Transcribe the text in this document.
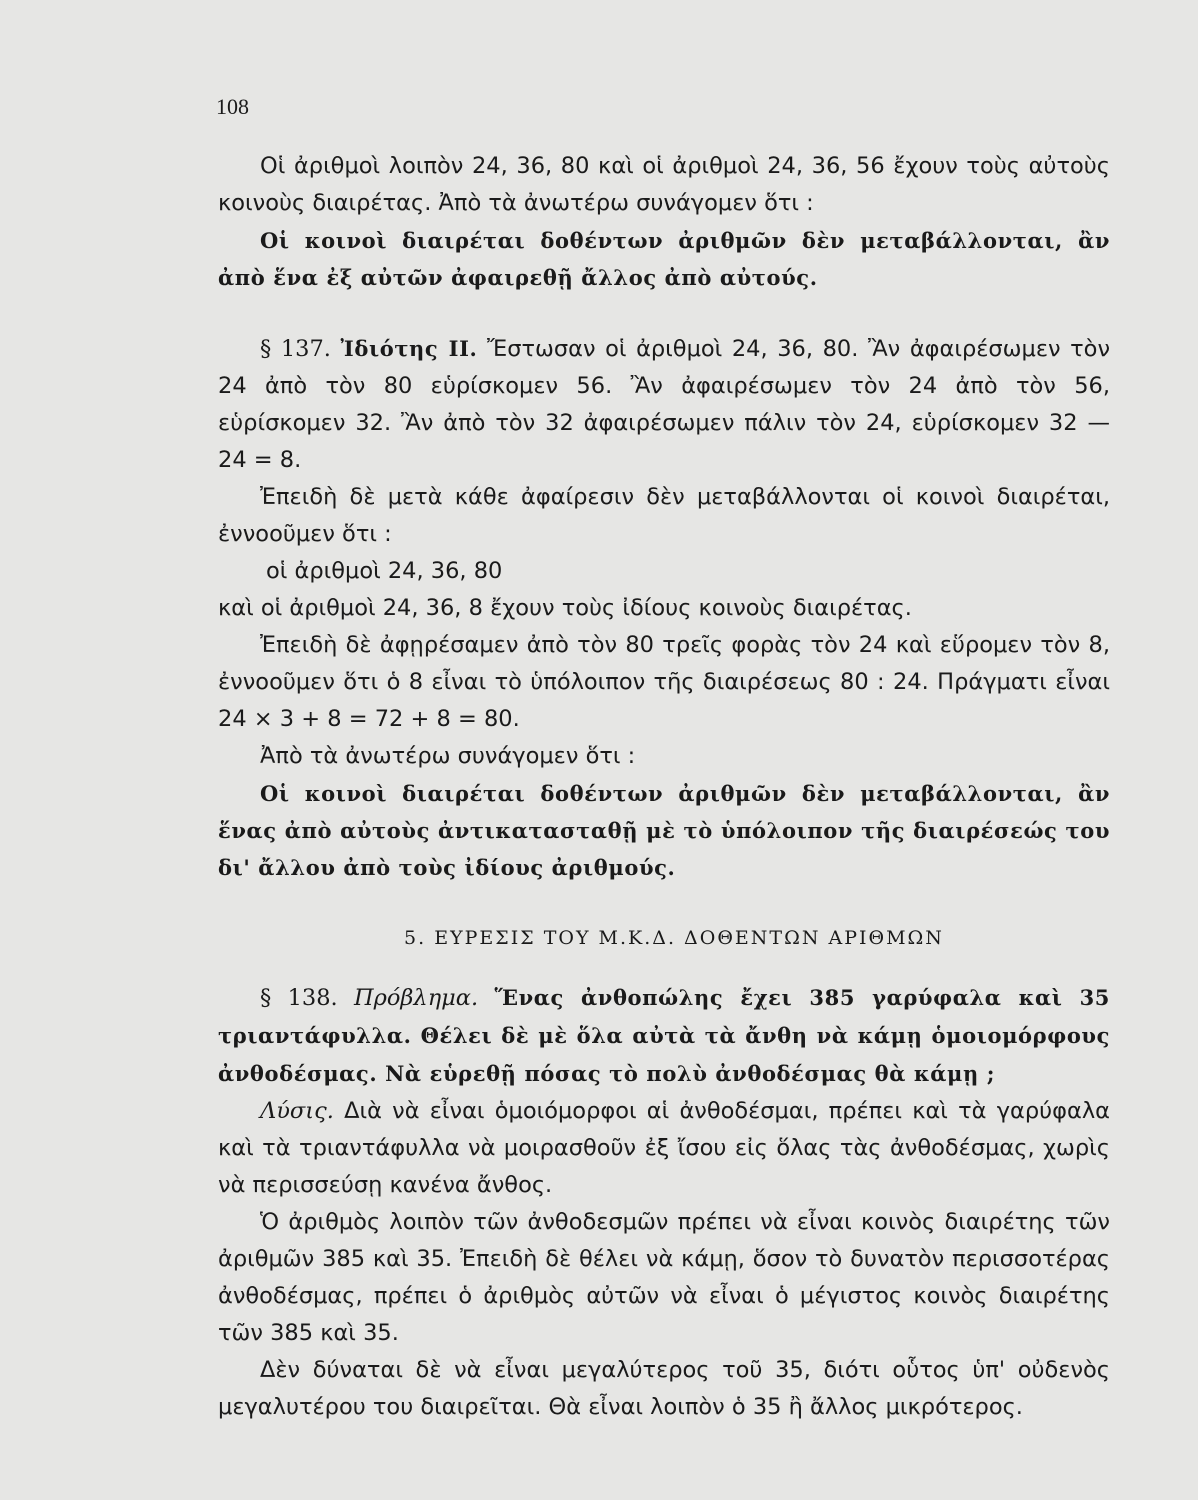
108

Οἱ ἀριθμοὶ λοιπὸν 24, 36, 80 καὶ οἱ ἀριθμοὶ 24, 36, 56 ἔχουν τοὺς αὐτοὺς κοινοὺς διαιρέτας. Ἀπὸ τὰ ἀνωτέρω συνάγομεν ὅτι :

Οἱ κοινοὶ διαιρέται δοθέντων ἀριθμῶν δὲν μεταβάλλονται, ἂν ἀπὸ ἕνα ἐξ αὐτῶν ἀφαιρεθῇ ἄλλος ἀπὸ αὐτούς.

§ 137. Ἰδιότης ΙΙ. Ἔστωσαν οἱ ἀριθμοὶ 24, 36, 80. Ἂν ἀφαιρέσωμεν τὸν 24 ἀπὸ τὸν 80 εὑρίσκομεν 56. Ἂν ἀφαιρέσωμεν τὸν 24 ἀπὸ τὸν 56, εὑρίσκομεν 32. Ἂν ἀπὸ τὸν 32 ἀφαιρέσωμεν πάλιν τὸν 24, εὑρίσκομεν 32 — 24 = 8.

Ἐπειδὴ δὲ μετὰ κάθε ἀφαίρεσιν δὲν μεταβάλλονται οἱ κοινοὶ διαιρέται, ἐννοοῦμεν ὅτι :

οἱ ἀριθμοὶ 24, 36, 80

καὶ οἱ ἀριθμοὶ 24, 36, 8 ἔχουν τοὺς ἰδίους κοινοὺς διαιρέτας.

Ἐπειδὴ δὲ ἀφῃρέσαμεν ἀπὸ τὸν 80 τρεῖς φορὰς τὸν 24 καὶ εὕρομεν τὸν 8, ἐννοοῦμεν ὅτι ὁ 8 εἶναι τὸ ὑπόλοιπον τῆς διαιρέσεως 80 : 24. Πράγματι εἶναι 24 × 3 + 8 = 72 + 8 = 80.

Ἀπὸ τὰ ἀνωτέρω συνάγομεν ὅτι :

Οἱ κοινοὶ διαιρέται δοθέντων ἀριθμῶν δὲν μεταβάλλονται, ἂν ἕνας ἀπὸ αὐτοὺς ἀντικατασταθῇ μὲ τὸ ὑπόλοιπον τῆς διαιρέσεώς του δι' ἄλλου ἀπὸ τοὺς ἰδίους ἀριθμούς.

5. ΕΥΡΕΣΙΣ ΤΟΥ Μ.Κ.Δ. ΔΟΘΕΝΤΩΝ ΑΡΙΘΜΩΝ

§ 138. Πρόβλημα. Ἕνας ἀνθοπώλης ἔχει 385 γαρύφαλα καὶ 35 τριαντάφυλλα. Θέλει δὲ μὲ ὅλα αὐτὰ τὰ ἄνθη νὰ κάμῃ ὁμοιομόρφους ἀνθοδέσμας. Νὰ εὑρεθῇ πόσας τὸ πολὺ ἀνθοδέσμας θὰ κάμῃ ;

Λύσις. Διὰ νὰ εἶναι ὁμοιόμορφοι αἱ ἀνθοδέσμαι, πρέπει καὶ τὰ γαρύφαλα καὶ τὰ τριαντάφυλλα νὰ μοιρασθοῦν ἐξ ἴσου εἰς ὅλας τὰς ἀνθοδέσμας, χωρὶς νὰ περισσεύσῃ κανένα ἄνθος.

Ὁ ἀριθμὸς λοιπὸν τῶν ἀνθοδεσμῶν πρέπει νὰ εἶναι κοινὸς διαιρέτης τῶν ἀριθμῶν 385 καὶ 35. Ἐπειδὴ δὲ θέλει νὰ κάμῃ, ὅσον τὸ δυνατὸν περισσοτέρας ἀνθοδέσμας, πρέπει ὁ ἀριθμὸς αὐτῶν νὰ εἶναι ὁ μέγιστος κοινὸς διαιρέτης τῶν 385 καὶ 35.

Δὲν δύναται δὲ νὰ εἶναι μεγαλύτερος τοῦ 35, διότι οὗτος ὑπ' οὐδενὸς μεγαλυτέρου του διαιρεῖται. Θὰ εἶναι λοιπὸν ὁ 35 ἢ ἄλλος μικρότερος.
